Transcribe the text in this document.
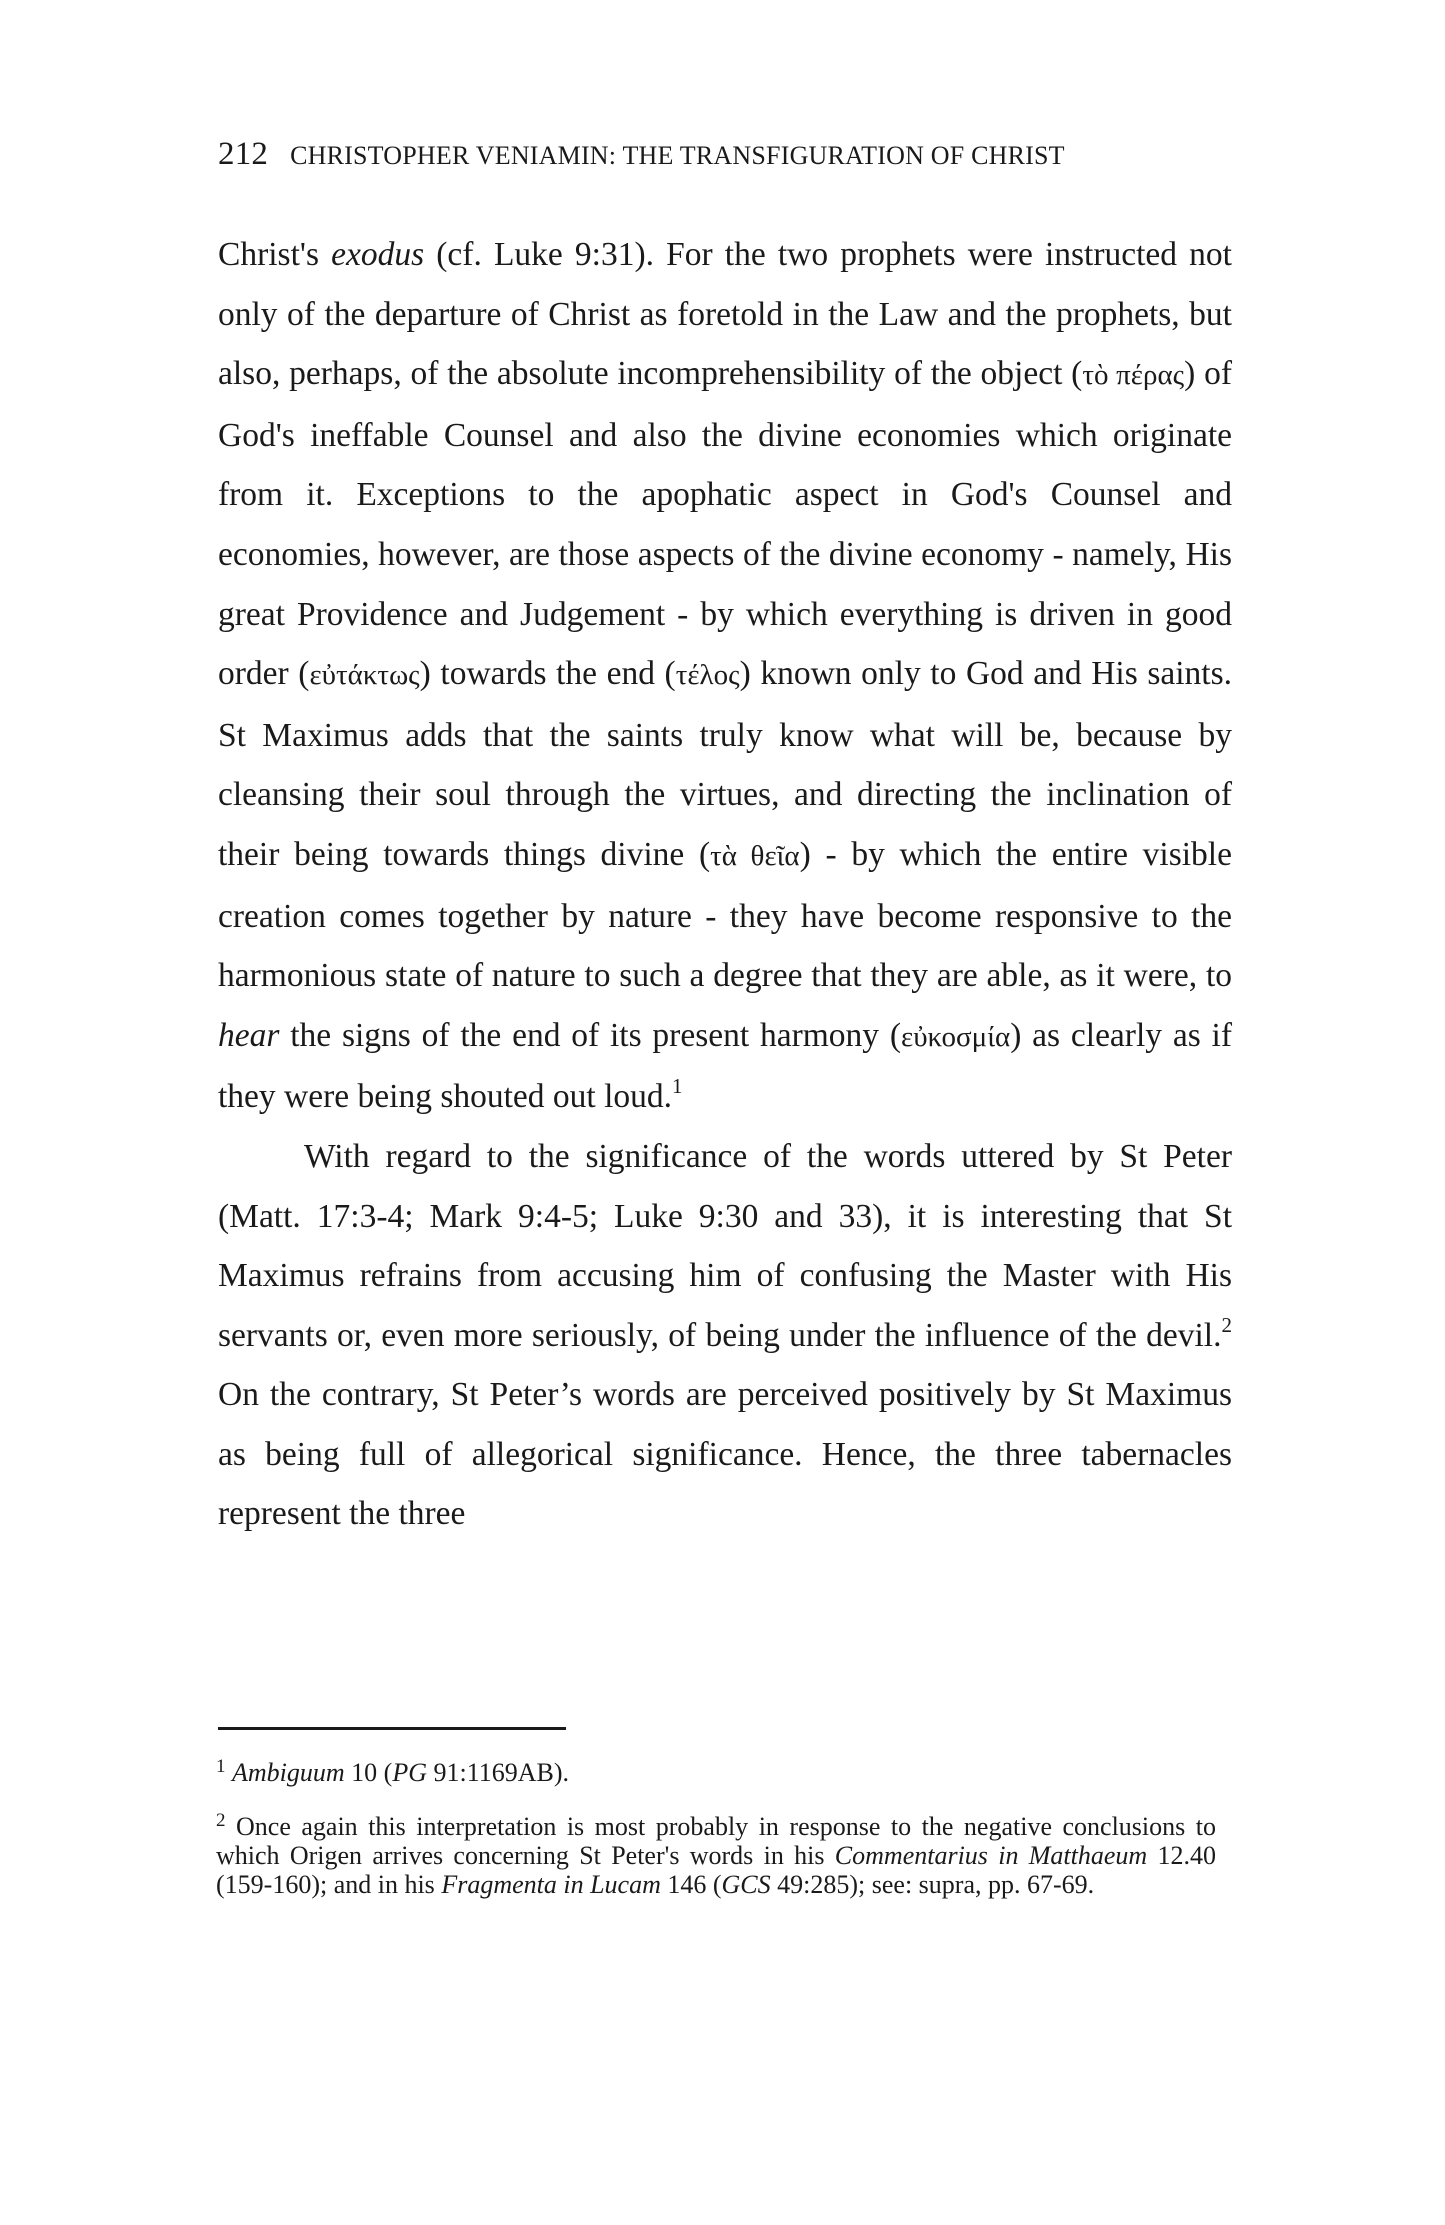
212 CHRISTOPHER VENIAMIN: THE TRANSFIGURATION OF CHRIST

Christ's exodus (cf. Luke 9:31). For the two prophets were instructed not only of the departure of Christ as foretold in the Law and the prophets, but also, perhaps, of the absolute incomprehensibility of the object (τὸ πέρας) of God's ineffable Counsel and also the divine economies which originate from it. Exceptions to the apophatic aspect in God's Counsel and economies, however, are those aspects of the divine economy - namely, His great Providence and Judgement - by which everything is driven in good order (εὐτάκτως) towards the end (τέλος) known only to God and His saints. St Maximus adds that the saints truly know what will be, because by cleansing their soul through the virtues, and directing the inclination of their being towards things divine (τὰ θεῖα) - by which the entire visible creation comes together by nature - they have become responsive to the harmonious state of nature to such a degree that they are able, as it were, to hear the signs of the end of its present harmony (εὐκοσμία) as clearly as if they were being shouted out loud.$^1$

With regard to the significance of the words uttered by St Peter (Matt. 17:3-4; Mark 9:4-5; Luke 9:30 and 33), it is interesting that St Maximus refrains from accusing him of confusing the Master with His servants or, even more seriously, of being under the influence of the devil.$^2$ On the contrary, St Peter’s words are perceived positively by St Maximus as being full of allegorical significance. Hence, the three tabernacles represent the three

$^1$ Ambiguum 10 (PG 91:1169AB).

$^2$ Once again this interpretation is most probably in response to the negative conclusions to which Origen arrives concerning St Peter's words in his Commentarius in Matthaeum 12.40 (159-160); and in his Fragmenta in Lucam 146 (GCS 49:285); see: supra, pp. 67-69.
